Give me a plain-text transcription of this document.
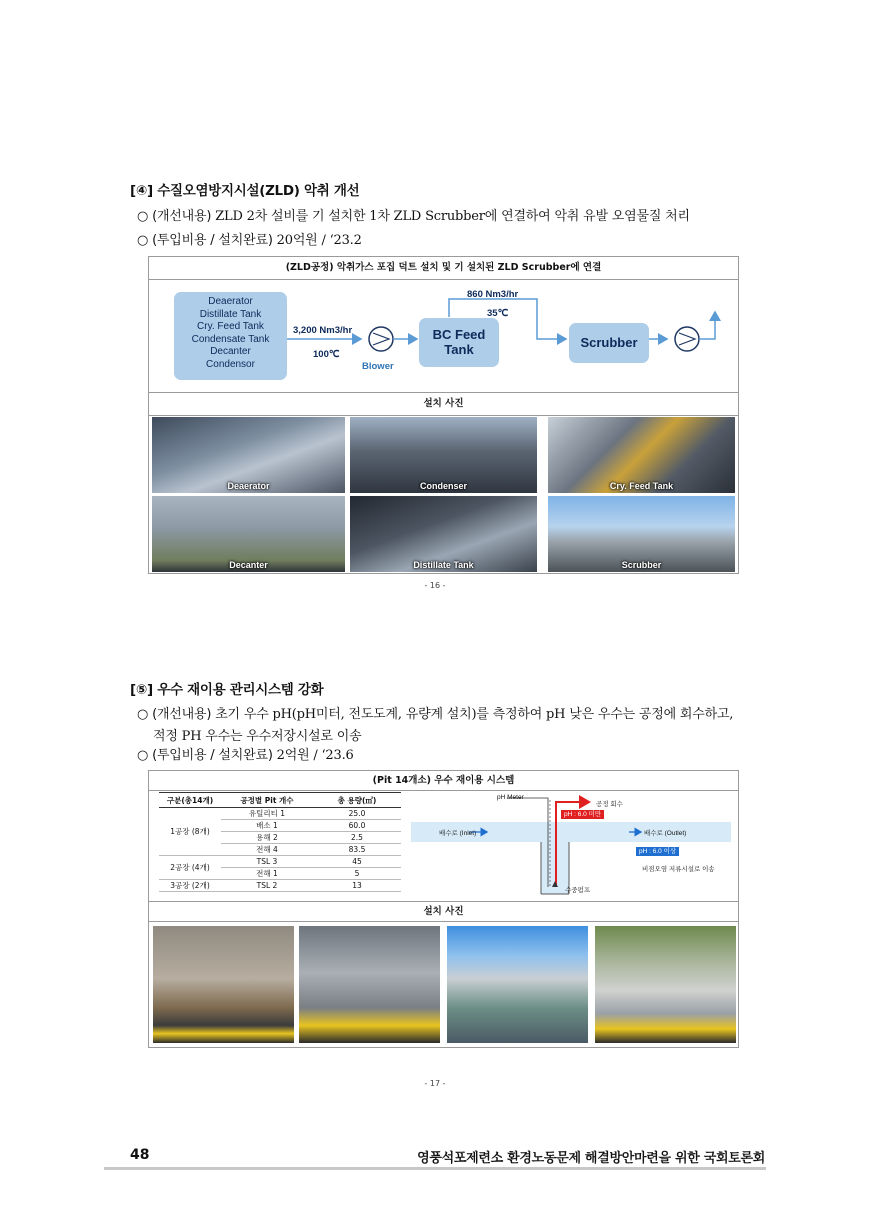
[④] 수질오염방지시설(ZLD) 악취 개선
○ (개선내용) ZLD 2차 설비를 기 설치한 1차 ZLD Scrubber에 연결하여 악취 유발 오염물질 처리
○ (투입비용 / 설치완료) 20억원 / ‘23.2
(ZLD공정) 악취가스 포집 덕트 설치 및 기 설치된 ZLD Scrubber에 연결
Deaerator
Distillate Tank
Cry. Feed Tank
Condensate Tank
Decanter
Condensor
3,200 Nm3/hr
100℃
Blower
BC Feed Tank
860 Nm3/hr
35℃
Scrubber
설치 사진
Deaerator	Condenser	Cry. Feed Tank
Decanter	Distillate Tank	Scrubber
- 16 -
[⑤] 우수 재이용 관리시스템 강화
○ (개선내용) 초기 우수 pH(pH미터, 전도도계, 유량계 설치)를 측정하여 pH 낮은 우수는 공정에 회수하고,
적정 PH 우수는 우수저장시설로 이송
○ (투입비용 / 설치완료) 2억원 / ‘23.6
(Pit 14개소) 우수 재이용 시스템
구분(총14개)	공정별 Pit 개수	총 용량(㎥)
1공장 (8개)	유틸리티 1	25.0
	배소 1	60.0
	용해 2	2.5
	전해 4	83.5
2공장 (4개)	TSL 3	45
	전해 1	5
3공장 (2개)	TSL 2	13
pH Meter
공정 회수
pH : 6.0 미만
배수로 (Inlet)	배수로 (Outlet)
pH : 6.0 이상
비점오염 저류시설로 이송
수중펌프
설치 사진
- 17 -
48	영풍석포제련소 환경노동문제 해결방안마련을 위한 국회토론회
